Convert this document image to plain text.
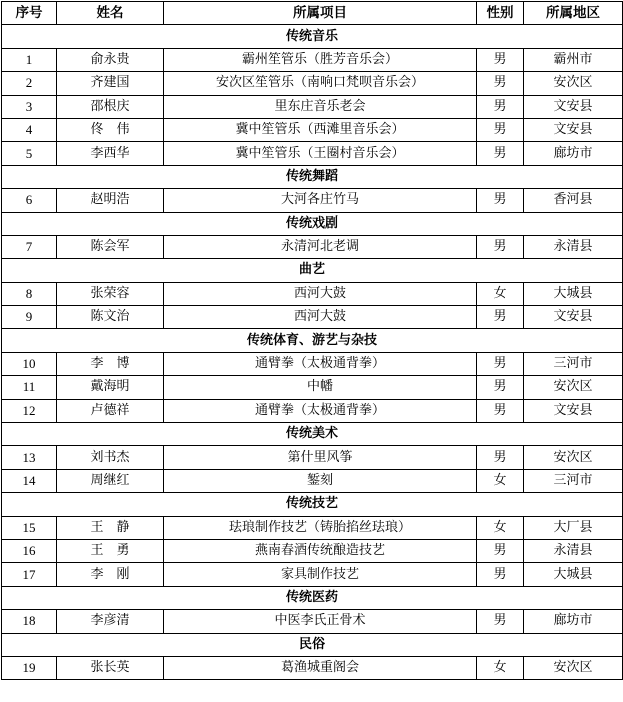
序号	姓名	所属项目	性别	所属地区
传统音乐				
1	俞永贵	霸州笙管乐（胜芳音乐会）	男	霸州市
2	齐建国	安次区笙管乐（南响口梵呗音乐会）	男	安次区
3	邵根庆	里东庄音乐老会	男	文安县
4	佟　伟	冀中笙管乐（西滩里音乐会）	男	文安县
5	李西华	冀中笙管乐（王圈村音乐会）	男	廊坊市
传统舞蹈				
6	赵明浩	大河各庄竹马	男	香河县
传统戏剧				
7	陈会军	永清河北老调	男	永清县
曲艺				
8	张荣容	西河大鼓	女	大城县
9	陈文治	西河大鼓	男	文安县
传统体育、游艺与杂技				
10	李　博	通臂拳（太极通背拳）	男	三河市
11	戴海明	中幡	男	安次区
12	卢德祥	通臂拳（太极通背拳）	男	文安县
传统美术				
13	刘书杰	第什里风筝	男	安次区
14	周继红	錾刻	女	三河市
传统技艺				
15	王　静	珐琅制作技艺（铸胎掐丝珐琅）	女	大厂县
16	王　勇	燕南春酒传统酿造技艺	男	永清县
17	李　刚	家具制作技艺	男	大城县
传统医药				
18	李彦清	中医李氏正骨术	男	廊坊市
民俗				
19	张长英	葛渔城重阁会	女	安次区
